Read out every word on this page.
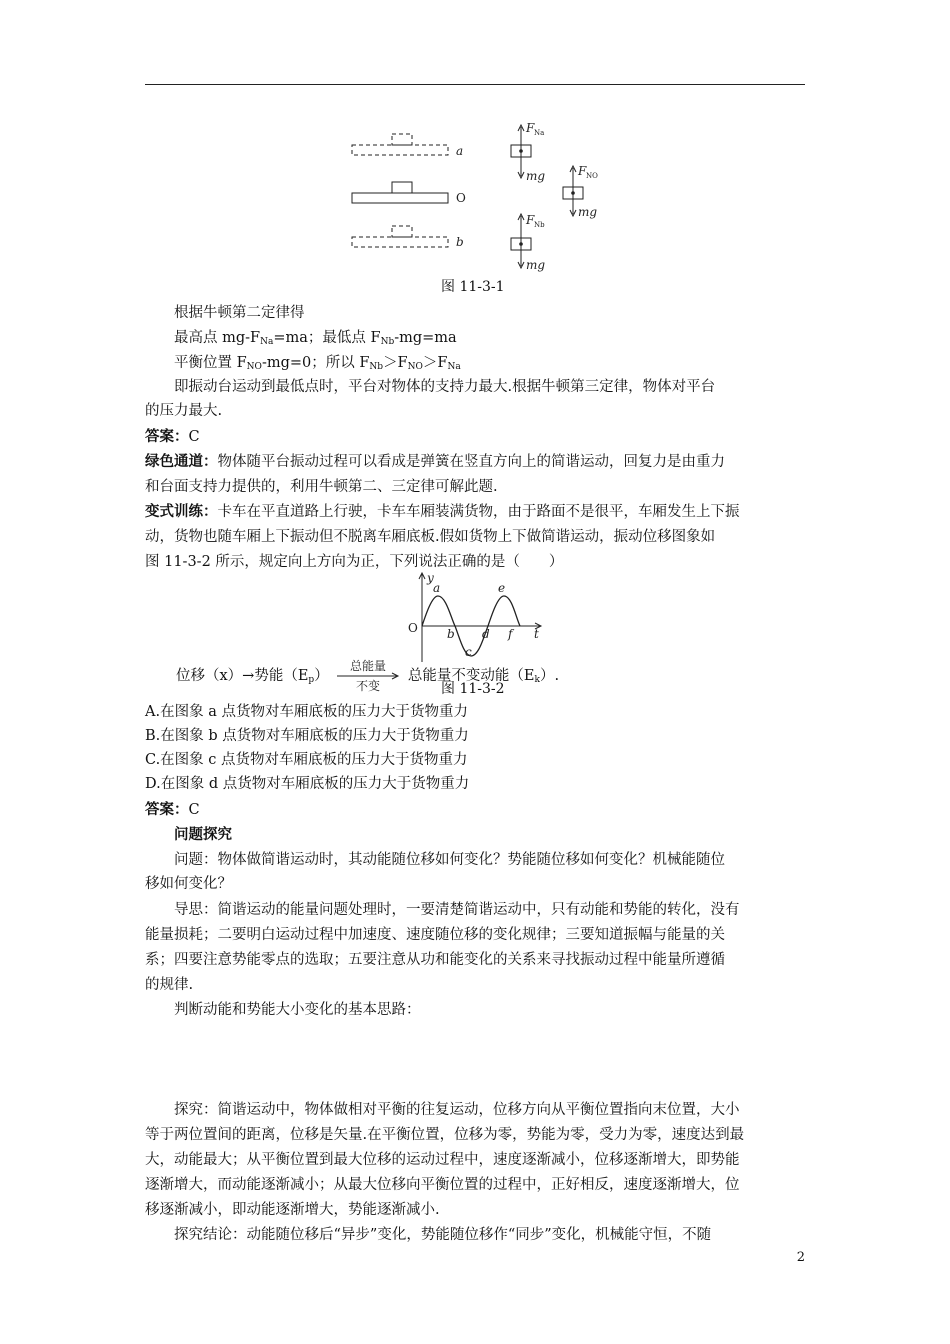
a
O
b
F Na
mg	F NO
mg
F Nb
mg
图 11-3-1
根据牛顿第二定律得
最高点 $mg-F_{Na}=ma$；最低点 $F_{Nb}-mg=ma$
平衡位置 $F_{NO}-mg=0$；所以 $F_{Nb}>F_{NO}>F_{Na}$
即振动台运动到最低点时，平台对物体的支持力最大.根据牛顿第三定律，物体对平台
的压力最大.
答案：C
绿色通道：物体随平台振动过程可以看成是弹簧在竖直方向上的简谐运动，回复力是由重力
和台面支持力提供的，利用牛顿第二、三定律可解此题.
变式训练：卡车在平直道路上行驶，卡车车厢装满货物，由于路面不是很平，车厢发生上下振
动，货物也随车厢上下振动但不脱离车厢底板.假如货物上下做简谐运动，振动位移图象如
图 11-3-2 所示，规定向上方向为正，下列说法正确的是（　　）
y
t
O
a
b
c
d
e
f
图 11-3-2
A.在图象 a 点货物对车厢底板的压力大于货物重力
B.在图象 b 点货物对车厢底板的压力大于货物重力
C.在图象 c 点货物对车厢底板的压力大于货物重力
D.在图象 d 点货物对车厢底板的压力大于货物重力
答案：C
问题探究
问题：物体做简谐运动时，其动能随位移如何变化？势能随位移如何变化？机械能随位
移如何变化？
导思：简谐运动的能量问题处理时，一要清楚简谐运动中，只有动能和势能的转化，没有
能量损耗；二要明白运动过程中加速度、速度随位移的变化规律；三要知道振幅与能量的关
系；四要注意势能零点的选取；五要注意从功和能变化的关系来寻找振动过程中能量所遵循
的规律.
判断动能和势能大小变化的基本思路：
位移（x）→势能$(E_p)$
总能量
不变
总能量不变动能$(E_k)$.
探究：简谐运动中，物体做相对平衡的往复运动，位移方向从平衡位置指向末位置，大小
等于两位置间的距离，位移是矢量.在平衡位置，位移为零，势能为零，受力为零，速度达到最
大，动能最大；从平衡位置到最大位移的运动过程中，速度逐渐减小，位移逐渐增大，即势能
逐渐增大，而动能逐渐减小；从最大位移向平衡位置的过程中，正好相反，速度逐渐增大，位
移逐渐减小，即动能逐渐增大，势能逐渐减小.
探究结论：动能随位移后“异步”变化，势能随位移作“同步”变化，机械能守恒，不随
2
